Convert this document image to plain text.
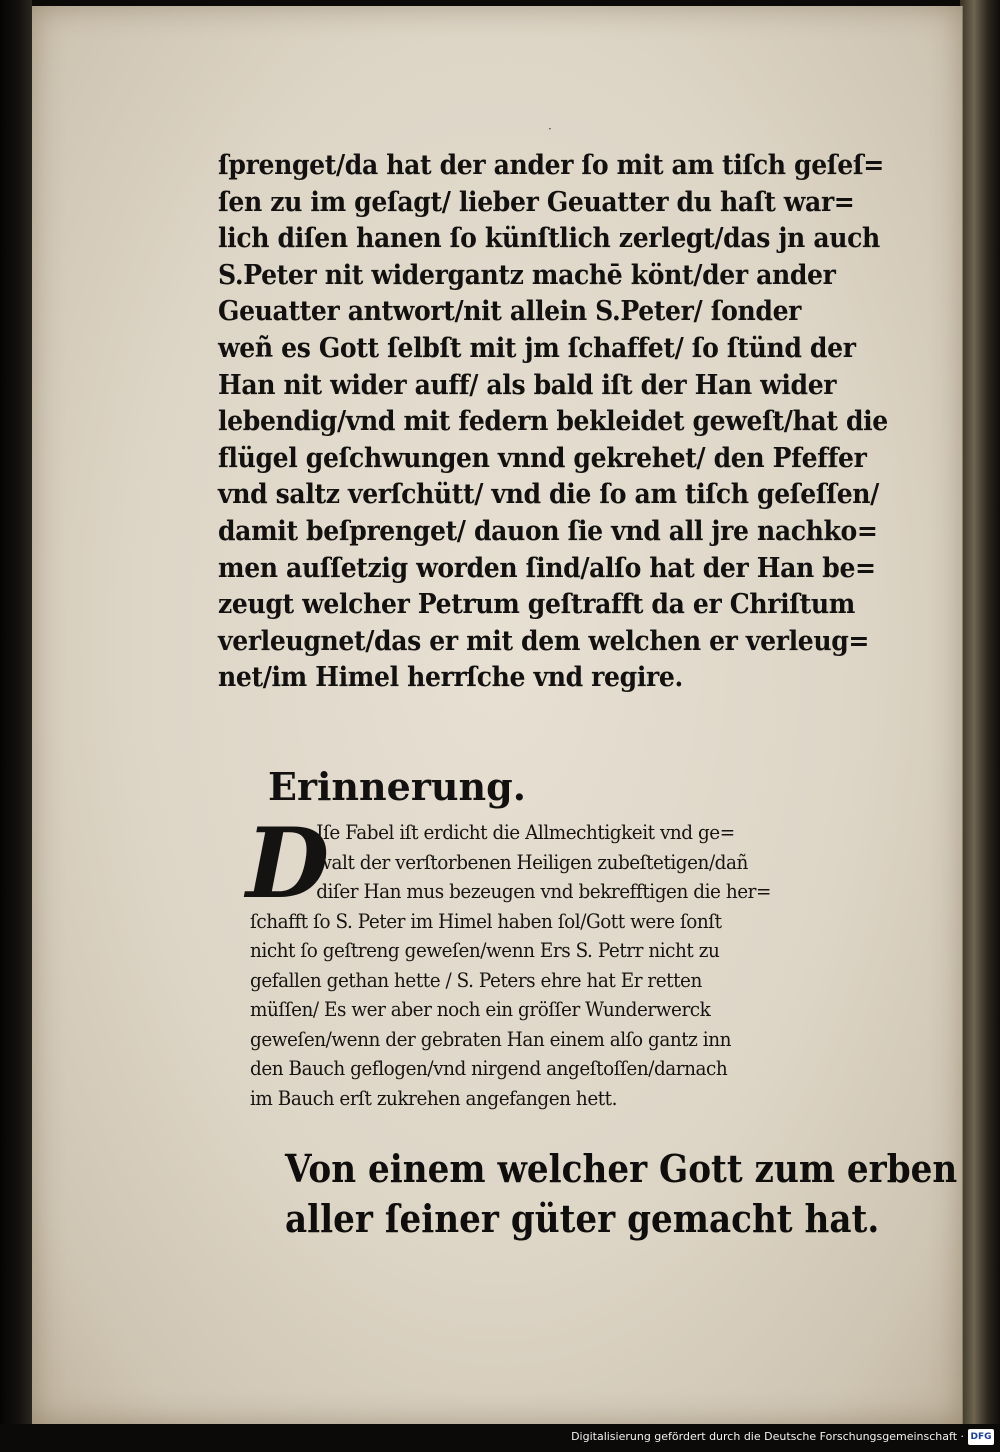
·
ſprenget/da hat der ander ſo mit am tiſch geſeſ=
ſen zu im geſagt/ lieber Geuatter du haſt war=
lich diſen hanen ſo künſtlich zerlegt/das jn auch
S.Peter nit widergantz machē könt/der ander
Geuatter antwort/nit allein S.Peter/ ſonder
weñ es Gott ſelbſt mit jm ſchaffet/ ſo ſtünd der
Han nit wider auff/ als bald iſt der Han wider
lebendig/vnd mit federn bekleidet geweſt/hat die
flügel geſchwungen vnnd gekrehet/ den Pfeffer
vnd saltz verſchütt/ vnd die ſo am tiſch geſeſſen/
damit beſprenget/ dauon ſie vnd all jre nachko=
men auſſetzig worden ſind/alſo hat der Han be=
zeugt welcher Petrum geſtrafft da er Chriſtum
verleugnet/das er mit dem welchen er verleug=
net/im Himel herrſche vnd regire.
Erinnerung.
D
Iſe Fabel iſt erdicht die Allmechtigkeit vnd ge=
walt der verſtorbenen Heiligen zubeſtetigen/dañ
diſer Han mus bezeugen vnd bekrefftigen die her=
ſchafft ſo S. Peter im Himel haben ſol/Gott were ſonſt
nicht ſo geſtreng geweſen/wenn Ers S. Petrr nicht zu
gefallen gethan hette / S. Peters ehre hat Er retten
müſſen/ Es wer aber noch ein gröſſer Wunderwerck
geweſen/wenn der gebraten Han einem alſo gantz inn
den Bauch geflogen/vnd nirgend angeſtoſſen/darnach
im Bauch erſt zukrehen angefangen hett.
Von einem welcher Gott zum erben
aller ſeiner güter gemacht hat.
Digitalisierung gefördert durch die Deutsche Forschungsgemeinschaft · DFG
